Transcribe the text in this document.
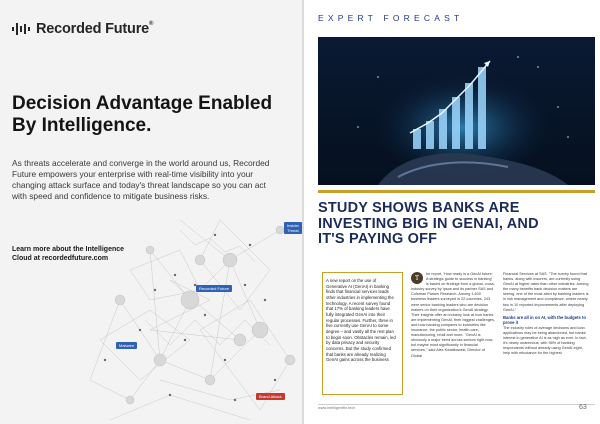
Recorded Future®
Decision Advantage Enabled By Intelligence.

As threats accelerate and converge in the world around us, Recorded Future empowers your enterprise with real-time visibility into your changing attack surface and today's threat landscape so you can act with speed and confidence to mitigate business risks.

Learn more about the Intelligence Cloud at recordedfuture.com

Insider Threat
Recorded Future
Malware
Brand Attack
EXPERT FORECAST
STUDY SHOWS BANKS ARE INVESTING BIG IN GENAI, AND IT'S PAYING OFF

A new report on the use of Generative AI (GenAI) in banking finds that financial services leads other industries in implementing the technology. A recent survey found that 17% of banking leaders have fully integrated GenAI into their regular processes. Further, three in five currently use GenAI to some degree – and vastly all the rest plan to begin soon. Obstacles remain, led by data privacy and security concerns. But the study confirmed that banks are already realizing GenAI gains across the business

T	he report, 'How ready is a GenAI future: A strategic guide to success in banking' is based on findings from a global, cross-industry survey by Ipsos and its partner SAS and Coleman Parkes Research. Among 1,600 business leaders surveyed in 22 countries, 243 were senior banking leaders who are decision makers on their organization's GenAI strategy. Their insights offer an industry look at how banks are implementing GenAI, their biggest challenges, and how banking compares to industries like insurance, the public sector, health care, manufacturing, retail and more. "GenAI is obviously a major trend across sectors right now, but maybe most significantly in financial services," said Alex Kwiatkowski, Director of Global
Financial Services at SAS. "The survey found that banks, along with insurers, are currently using GenAI at higher rates than other industries. Among the many benefits bank decision makers are seeing, one of the most-sited by banking leaders is in risk management and compliance, where nearly two in 10 reported improvements after deploying GenAI."
Banks are all in on AI, with the budgets to prove it
The industry roles of average decisions and loan applications may be being abandoned, but banks' interest in generative AI is as high as ever. In fact, it's nearly unanimous, with 98% of banking respondents without already using GenAI eight, help with reluctance for the highest
www.intelligentfin.tech	63
